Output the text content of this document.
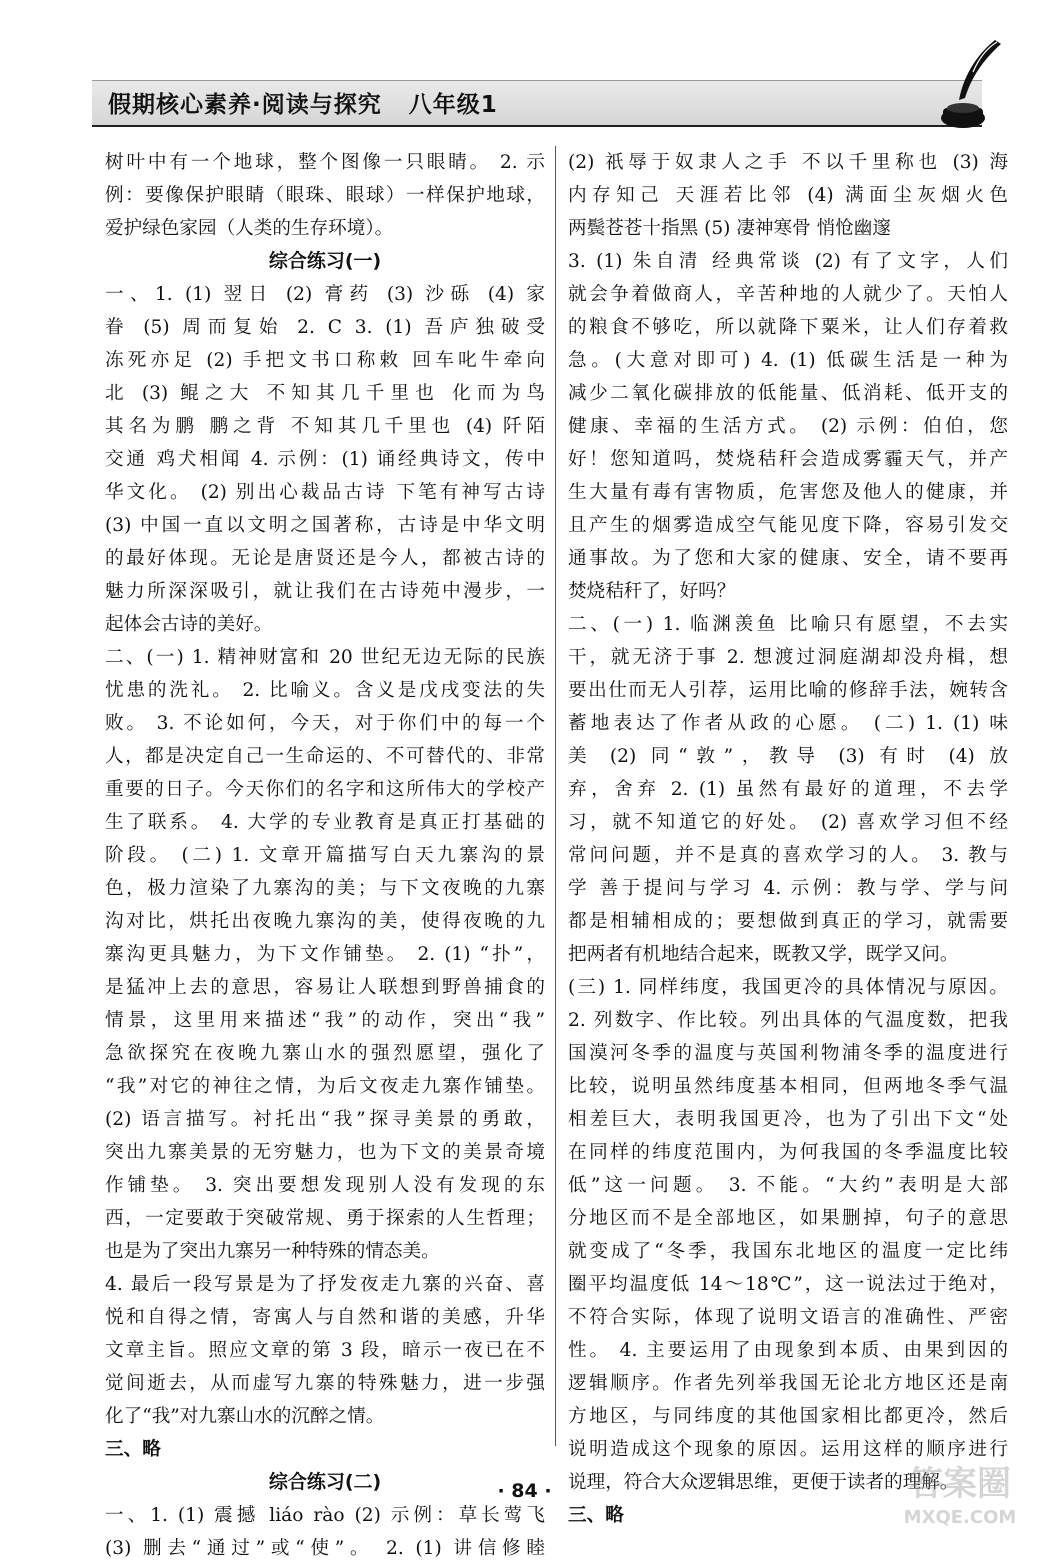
假期核心素养·阅读与探究   八年级1
树叶中有一个地球，整个图像一只眼睛。 2. 示
例：要像保护眼睛（眼珠、眼球）一样保护地球，
爱护绿色家园（人类的生存环境）。
综合练习(一)
一、1. (1) 翌日 (2) 膏药 (3) 沙砾 (4) 家
眷 (5) 周而复始 2. C 3. (1) 吾庐独破受
冻死亦足 (2) 手把文书口称敕 回车叱牛牵向
北 (3) 鲲之大 不知其几千里也 化而为鸟
其名为鹏 鹏之背 不知其几千里也 (4) 阡陌
交通 鸡犬相闻 4. 示例：(1) 诵经典诗文，传中
华文化。 (2) 别出心裁品古诗 下笔有神写古诗
(3) 中国一直以文明之国著称，古诗是中华文明
的最好体现。无论是唐贤还是今人，都被古诗的
魅力所深深吸引，就让我们在古诗苑中漫步，一
起体会古诗的美好。
二、(一) 1. 精神财富和 20 世纪无边无际的民族
忧患的洗礼。 2. 比喻义。含义是戊戌变法的失
败。 3. 不论如何，今天，对于你们中的每一个
人，都是决定自己一生命运的、不可替代的、非常
重要的日子。今天你们的名字和这所伟大的学校产
生了联系。 4. 大学的专业教育是真正打基础的
阶段。 (二) 1. 文章开篇描写白天九寨沟的景
色，极力渲染了九寨沟的美；与下文夜晚的九寨
沟对比，烘托出夜晚九寨沟的美，使得夜晚的九
寨沟更具魅力，为下文作铺垫。 2. (1) “扑”，
是猛冲上去的意思，容易让人联想到野兽捕食的
情景，这里用来描述“我”的动作，突出“我”
急欲探究在夜晚九寨山水的强烈愿望，强化了
“我”对它的神往之情，为后文夜走九寨作铺垫。
(2) 语言描写。衬托出“我”探寻美景的勇敢，
突出九寨美景的无穷魅力，也为下文的美景奇境
作铺垫。 3. 突出要想发现别人没有发现的东
西，一定要敢于突破常规、勇于探索的人生哲理；
也是为了突出九寨另一种特殊的情态美。
4. 最后一段写景是为了抒发夜走九寨的兴奋、喜
悦和自得之情，寄寓人与自然和谐的美感，升华
文章主旨。照应文章的第 3 段，暗示一夜已在不
觉间逝去，从而虚写九寨的特殊魅力，进一步强
化了“我”对九寨山水的沉醉之情。
三、略
综合练习(二)
一、1. (1) 震撼 liáo rào (2) 示例：草长莺飞
(3) 删去“通过”或“使”。 2. (1) 讲信修睦
(2) 祇辱于奴隶人之手 不以千里称也 (3) 海
内存知己 天涯若比邻 (4) 满面尘灰烟火色
两鬓苍苍十指黑 (5) 凄神寒骨 悄怆幽邃
3. (1) 朱自清 经典常谈 (2) 有了文字，人们
就会争着做商人，辛苦种地的人就少了。天怕人
的粮食不够吃，所以就降下粟米，让人们存着救
急。(大意对即可) 4. (1) 低碳生活是一种为
减少二氧化碳排放的低能量、低消耗、低开支的
健康、幸福的生活方式。 (2) 示例：伯伯，您
好！您知道吗，焚烧秸秆会造成雾霾天气，并产
生大量有毒有害物质，危害您及他人的健康，并
且产生的烟雾造成空气能见度下降，容易引发交
通事故。为了您和大家的健康、安全，请不要再
焚烧秸秆了，好吗？
二、(一) 1. 临渊羡鱼 比喻只有愿望，不去实
干，就无济于事 2. 想渡过洞庭湖却没舟楫，想
要出仕而无人引荐，运用比喻的修辞手法，婉转含
蓄地表达了作者从政的心愿。 (二) 1. (1) 味
美 (2) 同“敦”，教导 (3) 有时 (4) 放
弃，舍弃 2. (1) 虽然有最好的道理，不去学
习，就不知道它的好处。 (2) 喜欢学习但不经
常问问题，并不是真的喜欢学习的人。 3. 教与
学 善于提问与学习 4. 示例：教与学、学与问
都是相辅相成的；要想做到真正的学习，就需要
把两者有机地结合起来，既教又学，既学又问。
(三) 1. 同样纬度，我国更冷的具体情况与原因。
2. 列数字、作比较。列出具体的气温度数，把我
国漠河冬季的温度与英国利物浦冬季的温度进行
比较，说明虽然纬度基本相同，但两地冬季气温
相差巨大，表明我国更冷，也为了引出下文“处
在同样的纬度范围内，为何我国的冬季温度比较
低”这一问题。 3. 不能。“大约”表明是大部
分地区而不是全部地区，如果删掉，句子的意思
就变成了“冬季，我国东北地区的温度一定比纬
圈平均温度低 14～18℃”，这一说法过于绝对，
不符合实际，体现了说明文语言的准确性、严密
性。 4. 主要运用了由现象到本质、由果到因的
逻辑顺序。作者先列举我国无论北方地区还是南
方地区，与同纬度的其他国家相比都更冷，然后
说明造成这个现象的原因。运用这样的顺序进行
说理，符合大众逻辑思维，更便于读者的理解。
三、略
· 84 ·	答案圈
MXQE.COM
